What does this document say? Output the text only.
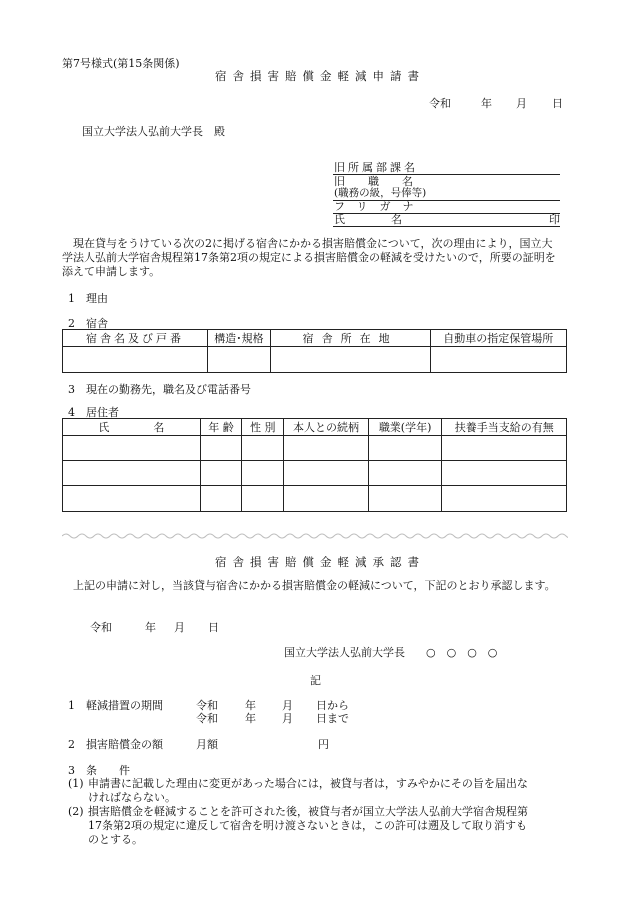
第7号様式(第15条関係)
宿舎損害賠償金軽減申請書
令和	年 月 日
国立大学法人弘前大学長　殿
旧所属部課名
旧　職　名
(職務の級，号俸等)
フリガナ
氏　　名	印
現在貸与をうけている次の2に掲げる宿舎にかかる損害賠償金について，次の理由により，国立大学法人弘前大学宿舎規程第17条第2項の規定による損害賠償金の軽減を受けたいので，所要の証明を添えて申請します。
1　理由
2　宿舎
宿舎名及び戸番	構造･規格	宿舎所在地	自動車の指定保管場所

3　現在の勤務先，職名及び電話番号
4　居住者
氏　　　　名	年 齢	性 別	本人との続柄	職業(学年)	扶養手当支給の有無

宿舎損害賠償金軽減承認書
上記の申請に対し，当該貸与宿舎にかかる損害賠償金の軽減について，下記のとおり承認します。
令和	年 月 日
国立大学法人弘前大学長 ○　○　○　○
記
1　軽減措置の期間	令和 年 月 日から
令和 年 月 日まで
2　損害賠償金の額	月額	円
3　条　　件
(1) 申請書に記載した理由に変更があった場合には，被貸与者は，すみやかにその旨を届出なければならない。
(2) 損害賠償金を軽減することを許可された後，被貸与者が国立大学法人弘前大学宿舎規程第17条第2項の規定に違反して宿舎を明け渡さないときは，この許可は遡及して取り消すものとする。
